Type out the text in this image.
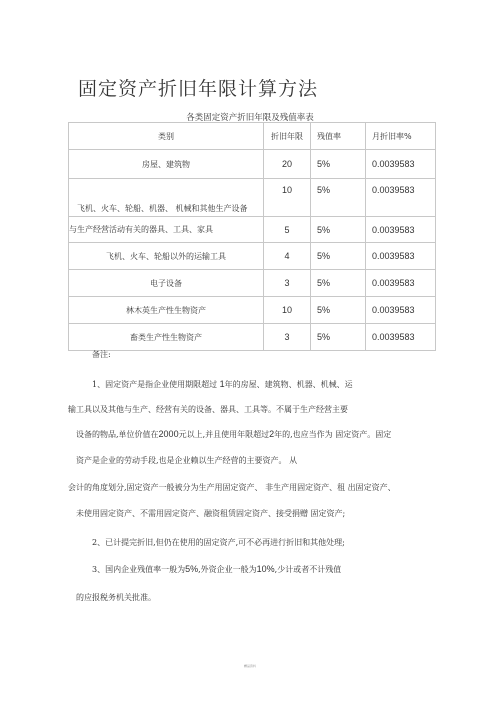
固定资产折旧年限计算方法
各类固定资产折旧年限及残值率表
类别	折旧年限	残值率	月折旧率%
房屋、建筑物	20	5%	0.0039583
飞机、火车、轮船、机器、 机械和其他生产设备	10	5%	0.0039583
与生产经营活动有关的器具、工具、家具	5	5%	0.0039583
飞机、火车、轮船以外的运输工具	4	5%	0.0039583
电子设备	3	5%	0.0039583
林木英生产性生物资产	10	5%	0.0039583
畜类生产性生物资产	3	5%	0.0039583
备注:
1、固定资产是指企业使用期限超过 1年的房屋、建筑物、机器、机械、运
输工具以及其他与生产、经营有关的设备、器具、工具等。不属于生产经营主要
设备的物品,单位价值在2000元以上,并且使用年限超过2年的,也应当作为 固定资产。固定
资产是企业的劳动手段,也是企业赖以生产经营的主要资产。 从
会计的角度划分,固定资产一般被分为生产用固定资产、 非生产用固定资产、租 出固定资产、
未使用固定资产、不需用固定资产、融资租赁固定资产、接受捐赠 固定资产;
2、已计提完折旧,但仍在使用的固定资产,可不必再进行折旧和其他处理;
3、国内企业残值率一般为5%,外资企业一般为10%,少计或者不计残值
的应报税务机关批准。
精品资料
